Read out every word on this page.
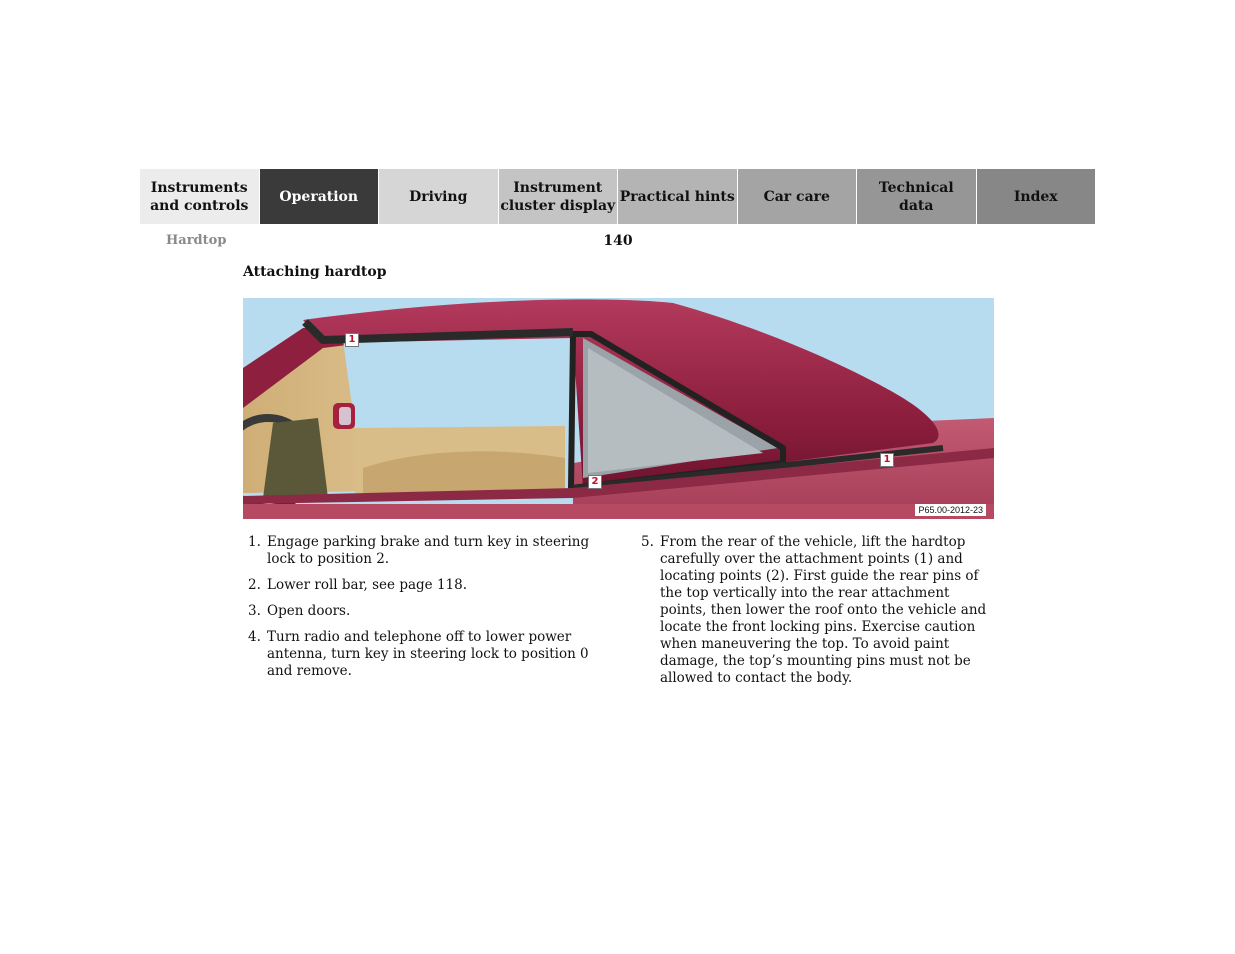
Instruments
and controls
Operation	Driving
Instrument
cluster display
Practical hints	Car care
Technical
data
Index
Hardtop	140
Attaching hardtop
1
2
1
P65.00-2012-23
1. Engage parking brake and turn key in steering lock to position 2.
2. Lower roll bar, see page 118.
3. Open doors.
4. Turn radio and telephone off to lower power antenna, turn key in steering lock to position 0 and remove.
5. From the rear of the vehicle, lift the hardtop carefully over the attachment points (1) and locating points (2). First guide the rear pins of the top vertically into the rear attachment points, then lower the roof onto the vehicle and locate the front locking pins. Exercise caution when maneuvering the top. To avoid paint damage, the top’s mounting pins must not be allowed to contact the body.
